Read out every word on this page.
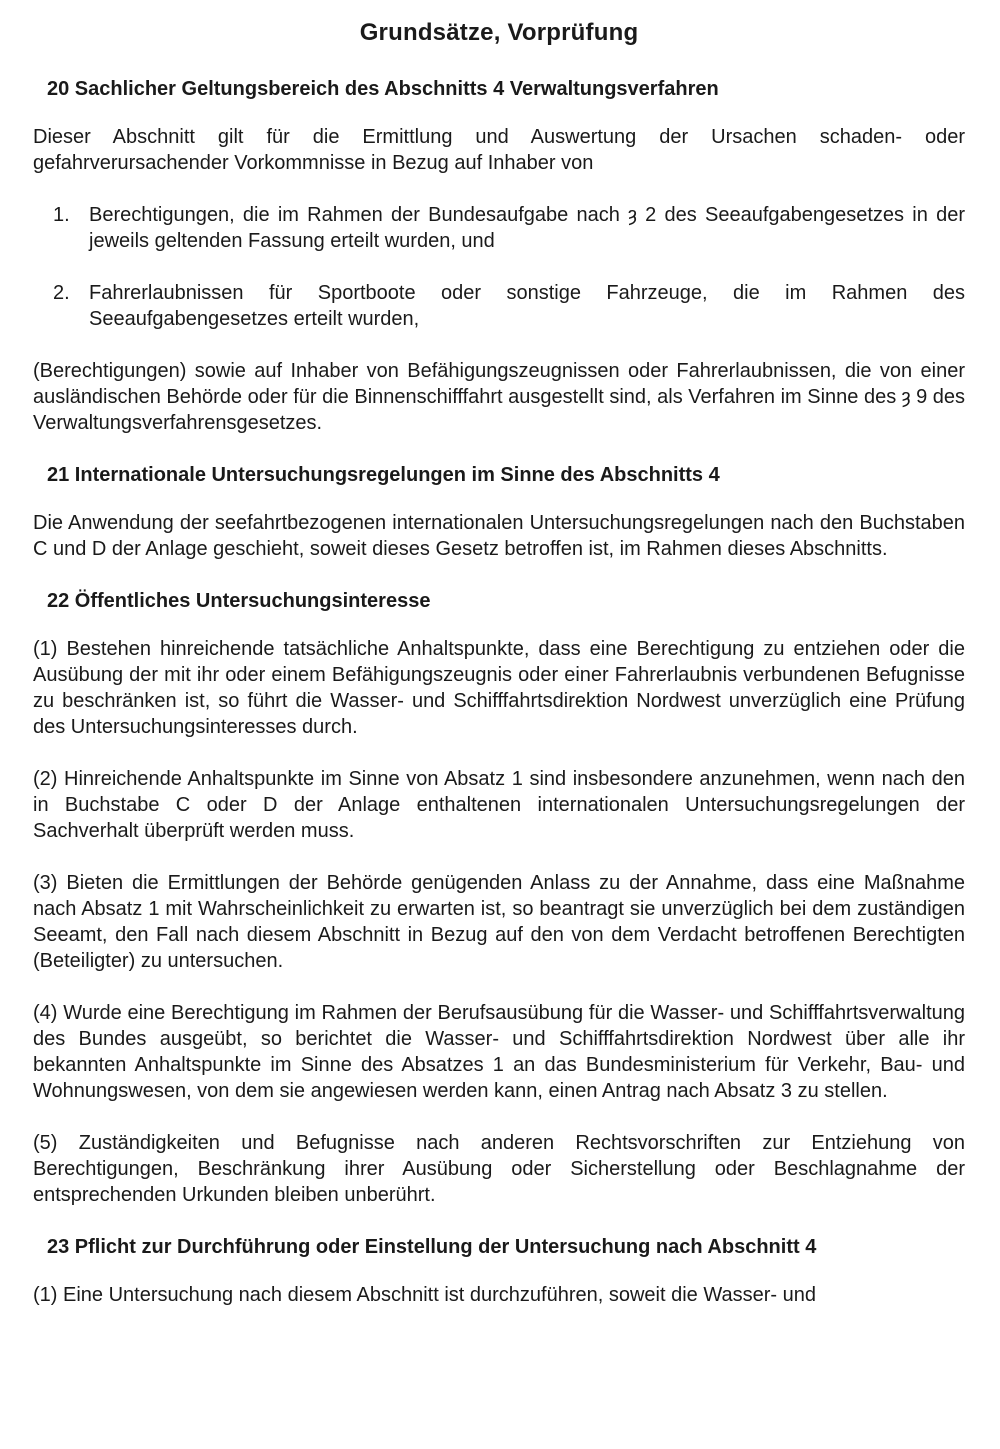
Grundsätze, Vorprüfung
20 Sachlicher Geltungsbereich des Abschnitts 4 Verwaltungsverfahren

Dieser Abschnitt gilt für die Ermittlung und Auswertung der Ursachen schaden- oder gefahrverursachender Vorkommnisse in Bezug auf Inhaber von

1. Berechtigungen, die im Rahmen der Bundesaufgabe nach ȝ 2 des Seeaufgabengesetzes in der jeweils geltenden Fassung erteilt wurden, und
2. Fahrerlaubnissen für Sportboote oder sonstige Fahrzeuge, die im Rahmen des Seeaufgabengesetzes erteilt wurden,

(Berechtigungen) sowie auf Inhaber von Befähigungszeugnissen oder Fahrerlaubnissen, die von einer ausländischen Behörde oder für die Binnenschifffahrt ausgestellt sind, als Verfahren im Sinne des ȝ 9 des Verwaltungsverfahrensgesetzes.

21 Internationale Untersuchungsregelungen im Sinne des Abschnitts 4

Die Anwendung der seefahrtbezogenen internationalen Untersuchungsregelungen nach den Buchstaben C und D der Anlage geschieht, soweit dieses Gesetz betroffen ist, im Rahmen dieses Abschnitts.

22 Öffentliches Untersuchungsinteresse

(1) Bestehen hinreichende tatsächliche Anhaltspunkte, dass eine Berechtigung zu entziehen oder die Ausübung der mit ihr oder einem Befähigungszeugnis oder einer Fahrerlaubnis verbundenen Befugnisse zu beschränken ist, so führt die Wasser- und Schifffahrtsdirektion Nordwest unverzüglich eine Prüfung des Untersuchungsinteresses durch.

(2) Hinreichende Anhaltspunkte im Sinne von Absatz 1 sind insbesondere anzunehmen, wenn nach den in Buchstabe C oder D der Anlage enthaltenen internationalen Untersuchungsregelungen der Sachverhalt überprüft werden muss.

(3) Bieten die Ermittlungen der Behörde genügenden Anlass zu der Annahme, dass eine Maßnahme nach Absatz 1 mit Wahrscheinlichkeit zu erwarten ist, so beantragt sie unverzüglich bei dem zuständigen Seeamt, den Fall nach diesem Abschnitt in Bezug auf den von dem Verdacht betroffenen Berechtigten (Beteiligter) zu untersuchen.

(4) Wurde eine Berechtigung im Rahmen der Berufsausübung für die Wasser- und Schifffahrtsverwaltung des Bundes ausgeübt, so berichtet die Wasser- und Schifffahrtsdirektion Nordwest über alle ihr bekannten Anhaltspunkte im Sinne des Absatzes 1 an das Bundesministerium für Verkehr, Bau- und Wohnungswesen, von dem sie angewiesen werden kann, einen Antrag nach Absatz 3 zu stellen.

(5) Zuständigkeiten und Befugnisse nach anderen Rechtsvorschriften zur Entziehung von Berechtigungen, Beschränkung ihrer Ausübung oder Sicherstellung oder Beschlagnahme der entsprechenden Urkunden bleiben unberührt.

23 Pflicht zur Durchführung oder Einstellung der Untersuchung nach Abschnitt 4

(1) Eine Untersuchung nach diesem Abschnitt ist durchzuführen, soweit die Wasser- und
